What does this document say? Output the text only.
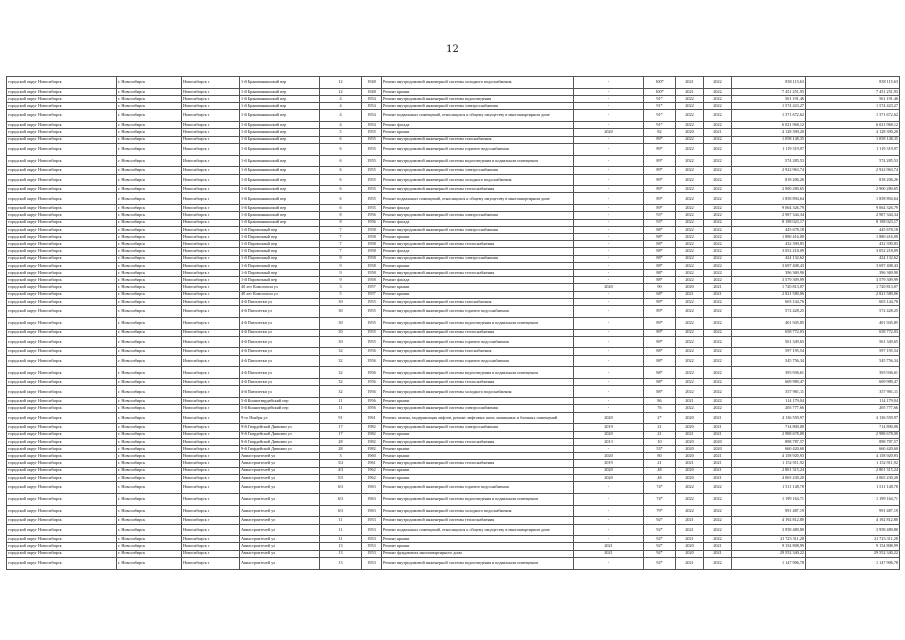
12
городской округ Новосибирск	г. Новосибирск	Новосибирск г	1-й Бракованкинский пер	12	1948	Ремонт внутридомовой инженерной системы холодного водоснабжения	-	100*	2021	2022	838 115,63	838 115,63
городской округ Новосибирск	г. Новосибирск	Новосибирск г	1-й Бракованкинский пер	12	1948	Ремонт крыши	-	100*	2021	2022	7 451 251,93	7 451 251,93
городской округ Новосибирск	г. Новосибирск	Новосибирск г	1-й Бракованкинский пер	4	1954	Ремонт внутридомовой инженерной системы водоотведения	-	91*	2022	2022	561 191,46	561 191,46
городской округ Новосибирск	г. Новосибирск	Новосибирск г	1-й Бракованкинский пер	4	1954	Ремонт внутридомовой инженерной системы электроснабжения	-	91*	2022	2022	1 574 423,27	1 574 423,27
городской округ Новосибирск	г. Новосибирск	Новосибирск г	1-й Бракованкинский пер	4	1954	Ремонт подвальных помещений, относящихся к общему имуществу в многоквартирном доме	-	91*	2022	2022	1 371 672,62	1 371 672,62
городской округ Новосибирск	г. Новосибирск	Новосибирск г	1-й Бракованкинский пер	4	1954	Ремонт фасада	-	91*	2022	2022	6 021 968,12	6 021 968,12
городской округ Новосибирск	г. Новосибирск	Новосибирск г	1-й Бракованкинский пер	5	1955	Ремонт крыши	2020	82	2020	2021	4 128 390,20	4 128 390,20
городской округ Новосибирск	г. Новосибирск	Новосибирск г	1-й Бракованкинский пер	6	1955	Ремонт внутридомовой инженерной системы газоснабжения	-	89*	2022	2022	1 058 148,35	1 058 148,35
городской округ Новосибирск	г. Новосибирск	Новосибирск г	1-й Бракованкинский пер	6	1955	Ремонт внутридомовой инженерной системы горячего водоснабжения	-	89*	2022	2022	1 119 319,97	1 119 319,97
городской округ Новосибирск	г. Новосибирск	Новосибирск г	1-й Бракованкинский пер	6	1955	Ремонт внутридомовой инженерной системы водоотведения в подвальном помещении	-	89*	2022	2022	574 285,53	574 285,53
городской округ Новосибирск	г. Новосибирск	Новосибирск г	1-й Бракованкинский пер	6	1955	Ремонт внутридомовой инженерной системы электроснабжения	-	89*	2022	2022	2 922 963,74	2 922 963,74
городской округ Новосибирск	г. Новосибирск	Новосибирск г	1-й Бракованкинский пер	6	1955	Ремонт внутридомовой инженерной системы холодного водоснабжения	-	89*	2022	2022	818 206,26	818 206,26
городской округ Новосибирск	г. Новосибирск	Новосибирск г	1-й Бракованкинский пер	6	1955	Ремонт внутридомовой инженерной системы теплоснабжения	-	89*	2022	2022	2 900 280,65	2 900 280,65
городской округ Новосибирск	г. Новосибирск	Новосибирск г	1-й Бракованкинский пер	6	1955	Ремонт подвальных помещений, относящихся к общему имуществу в многоквартирном доме	-	89*	2022	2022	1 858 894,64	1 858 894,64
городской округ Новосибирск	г. Новосибирск	Новосибирск г	1-й Бракованкинский пер	6	1955	Ремонт фасада	-	89*	2022	2022	9 064 326,79	9 064 326,79
городской округ Новосибирск	г. Новосибирск	Новосибирск г	1-й Бракованкинский пер	8	1956	Ремонт внутридомовой инженерной системы электроснабжения	-	93*	2022	2022	2 987 344,34	2 987 344,34
городской округ Новосибирск	г. Новосибирск	Новосибирск г	1-й Бракованкинский пер	8	1956	Ремонт фасада	-	93*	2022	2022	8 198 023,17	8 198 023,17
городской округ Новосибирск	г. Новосибирск	Новосибирск г	1-й Паровозный пер	7	1958	Ремонт внутридомовой инженерной системы электроснабжения	-	88*	2022	2022	445 678,18	445 678,18
городской округ Новосибирск	г. Новосибирск	Новосибирск г	1-й Паровозный пер	7	1958	Ремонт крыши	-	88*	2022	2022	1 880 416,00	1 880 416,00
городской округ Новосибирск	г. Новосибирск	Новосибирск г	1-й Паровозный пер	7	1958	Ремонт внутридомовой инженерной системы теплоснабжения	-	88*	2022	2022	432 390,83	432 390,83
городской округ Новосибирск	г. Новосибирск	Новосибирск г	1-й Паровозный пер	7	1958	Ремонт фасада	-	88*	2022	2022	3 052 218,09	3 052 218,09
городской округ Новосибирск	г. Новосибирск	Новосибирск г	1-й Паровозный пер	9	1958	Ремонт внутридомовой инженерной системы электроснабжения	-	88*	2022	2022	424 132,62	424 132,62
городской округ Новосибирск	г. Новосибирск	Новосибирск г	1-й Паровозный пер	9	1958	Ремонт крыши	-	88*	2022	2022	3 697 408,43	3 697 408,43
городской округ Новосибирск	г. Новосибирск	Новосибирск г	1-й Паровозный пер	9	1958	Ремонт внутридомовой инженерной системы теплоснабжения	-	88*	2022	2022	396 369,90	396 369,90
городской округ Новосибирск	г. Новосибирск	Новосибирск г	1-й Паровозный пер	9	1958	Ремонт фасада	-	88*	2022	2022	3 579 309,99	3 579 309,99
городской округ Новосибирск	г. Новосибирск	Новосибирск г	40 лет Комсомола ул	3	1957	Ремонт крыши	2020	90	2020	2021	1 720 813,07	1 720 813,07
городской округ Новосибирск	г. Новосибирск	Новосибирск г	40 лет Комсомола ул	5	1957	Ремонт крыши	-	68*	2021	2021	2 821 580,06	2 821 580,06
городской округ Новосибирск	г. Новосибирск	Новосибирск г	4-й Пятилетки ул	30	1955	Ремонт внутридомовой инженерной системы газоснабжения	-	89*	2022	2022	603 144,76	603 144,76
городской округ Новосибирск	г. Новосибирск	Новосибирск г	4-й Пятилетки ул	30	1955	Ремонт внутридомовой инженерной системы горячего водоснабжения	-	89*	2022	2022	572 428,25	572 428,25
городской округ Новосибирск	г. Новосибирск	Новосибирск г	4-й Пятилетки ул	30	1955	Ремонт внутридомовой инженерной системы водоотведения в подвальном помещении	-	89*	2022	2022	401 945,85	401 945,85
городской округ Новосибирск	г. Новосибирск	Новосибирск г	4-й Пятилетки ул	30	1955	Ремонт внутридомовой инженерной системы теплоснабжения	-	89*	2022	2022	658 772,03	658 772,03
городской округ Новосибирск	г. Новосибирск	Новосибирск г	4-й Пятилетки ул	30	1955	Ремонт внутридомовой инженерной системы горячего водоснабжения	-	89*	2022	2022	561 349,65	561 349,65
городской округ Новосибирск	г. Новосибирск	Новосибирск г	4-й Пятилетки ул	32	1956	Ремонт внутридомовой инженерной системы газоснабжения	-	88*	2022	2022	597 195,54	597 195,54
городской округ Новосибирск	г. Новосибирск	Новосибирск г	4-й Пятилетки ул	32	1956	Ремонт внутридомовой инженерной системы горячего водоснабжения	-	88*	2022	2022	545 756,34	545 756,34
городской округ Новосибирск	г. Новосибирск	Новосибирск г	4-й Пятилетки ул	32	1956	Ремонт внутридомовой инженерной системы водоотведения в подвальном помещении	-	88*	2022	2022	393 936,61	393 936,61
городской округ Новосибирск	г. Новосибирск	Новосибирск г	4-й Пятилетки ул	32	1956	Ремонт внутридомовой инженерной системы теплоснабжения	-	88*	2022	2022	609 989,47	609 989,47
городской округ Новосибирск	г. Новосибирск	Новосибирск г	4-й Пятилетки ул	32	1956	Ремонт внутридомовой инженерной системы холодного водоснабжения	-	88*	2022	2022	357 981,11	357 981,11
городской округ Новосибирск	г. Новосибирск	Новосибирск г	5-й Конногвардейский пер	11	1956	Ремонт крыши	-	86	2021	2022	114 179,04	114 179,04
городской округ Новосибирск	г. Новосибирск	Новосибирск г	5-й Конногвардейский пер	11	1956	Ремонт внутридомовой инженерной системы электроснабжения	-	76	2022	2022	205 777,66	205 777,66
городской округ Новосибирск	г. Новосибирск	Новосибирск г	9-го Ноября ул	91	1961	Ремонт, замена, модернизация лифтов, ремонт лифтовых шахт, машинных и блочных помещений	2020	2*	2020	2021	4 136 559,97	4 136 559,97
городской округ Новосибирск	г. Новосибирск	Новосибирск г	9-й Гвардейской Дивизии ул	17	1982	Ремонт внутридомовой инженерной системы электроснабжения	2019	21	2020	2021	714 800,00	714 800,00
городской округ Новосибирск	г. Новосибирск	Новосибирск г	9-й Гвардейской Дивизии ул	17	1982	Ремонт крыши	2020	21	2021	2021	2 988 678,00	2 988 678,00
городской округ Новосибирск	г. Новосибирск	Новосибирск г	9-й Гвардейской Дивизии ул	28	1982	Ремонт внутридомовой инженерной системы теплоснабжения	2013	10	2020	2020	898 787,57	898 787,57
городской округ Новосибирск	г. Новосибирск	Новосибирск г	9-й Гвардейской Дивизии ул	28	1982	Ремонт крыши	-	53*	2020	2020	660 420,60	660 420,60
городской округ Новосибирск	г. Новосибирск	Новосибирск г	Авиастроителей ул	3	1960	Ремонт крыши	2020	80	2020	2021	4 158 920,93	4 158 920,93
городской округ Новосибирск	г. Новосибирск	Новосибирск г	Авиастроителей ул	3/2	1961	Ремонт внутридомовой инженерной системы теплоснабжения	2019	21	2021	2021	1 152 911,92	1 152 911,92
городской округ Новосибирск	г. Новосибирск	Новосибирск г	Авиастроителей ул	4/3	1962	Ремонт крыши	2020	48	2020	2021	2 801 315,24	2 801 315,24
городской округ Новосибирск	г. Новосибирск	Новосибирск г	Авиастроителей ул	5/5	1962	Ремонт крыши	2020	48	2020	2021	4 065 230,20	4 065 230,20
городской округ Новосибирск	г. Новосибирск	Новосибирск г	Авиастроителей ул	6/3	1963	Ремонт внутридомовой инженерной системы горячего водоснабжения	-	74*	2022	2022	1 511 148,78	1 511 148,78
городской округ Новосибирск	г. Новосибирск	Новосибирск г	Авиастроителей ул	6/3	1963	Ремонт внутридомовой инженерной системы водоотведения в подвальном помещении	-	74*	2022	2022	1 199 164,71	1 199 164,71
городской округ Новосибирск	г. Новосибирск	Новосибирск г	Авиастроителей ул	6/3	1963	Ремонт внутридомовой инженерной системы холодного водоснабжения	-	79*	2022	2022	991 487,19	991 487,19
городской округ Новосибирск	г. Новосибирск	Новосибирск г	Авиастроителей ул	11	1953	Ремонт внутридомовой инженерной системы теплоснабжения	-	92*	2021	2022	4 192 812,80	4 192 812,80
городской округ Новосибирск	г. Новосибирск	Новосибирск г	Авиастроителей ул	11	1953	Ремонт подвальных помещений, относящихся к общему имуществу в многоквартирном доме	-	92*	2021	2022	3 958 480,80	3 958 480,80
городской округ Новосибирск	г. Новосибирск	Новосибирск г	Авиастроителей ул	11	1953	Ремонт крыши	-	92*	2021	2022	21 723 311,28	21 723 311,28
городской округ Новосибирск	г. Новосибирск	Новосибирск г	Авиастроителей ул	13	1953	Ремонт крыши	2021	92*	2020	2021	9 154 808,99	9 154 808,99
городской округ Новосибирск	г. Новосибирск	Новосибирск г	Авиастроителей ул	13	1953	Ремонт фундамента многоквартирного дома	2021	92*	2020	2021	29 552 340,22	29 552 340,22
городской округ Новосибирск	г. Новосибирск	Новосибирск г	Авиастроителей ул	13	1953	Ремонт внутридомовой инженерной системы водоотведения в подвальном помещении	-	92*	2021	2022	1 147 906,78	1 147 906,78
